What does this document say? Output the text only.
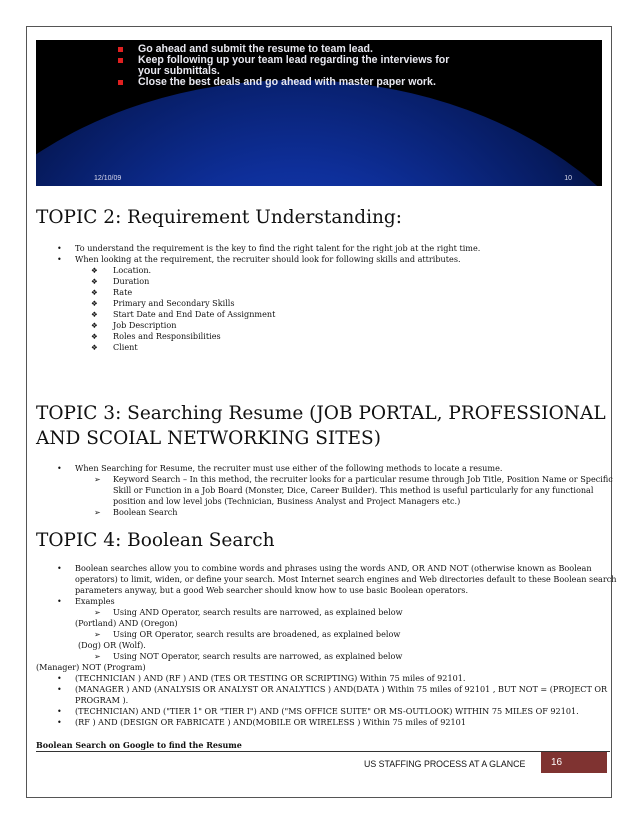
Go ahead and submit the resume to team lead.
Keep following up your team lead regarding the interviews for
your submittals.
Close the best deals and go ahead with master paper work.
12/10/09	10
TOPIC 2: Requirement Understanding:
• To understand the requirement is the key to find the right talent for the right job at the right time.
• When looking at the requirement, the recruiter should look for following skills and attributes.
❖ Location.
❖ Duration
❖ Rate
❖ Primary and Secondary Skills
❖ Start Date and End Date of Assignment
❖ Job Description
❖ Roles and Responsibilities
❖ Client
TOPIC 3: Searching Resume (JOB PORTAL, PROFESSIONAL
AND SCOIAL NETWORKING SITES)
• When Searching for Resume, the recruiter must use either of the following methods to locate a resume.
➢ Keyword Search – In this method, the recruiter looks for a particular resume through Job Title, Position Name or Specific
Skill or Function in a Job Board (Monster, Dice, Career Builder). This method is useful particularly for any functional
position and low level jobs (Technician, Business Analyst and Project Managers etc.)
➢ Boolean Search
TOPIC 4: Boolean Search
• Boolean searches allow you to combine words and phrases using the words AND, OR AND NOT (otherwise known as Boolean
operators) to limit, widen, or define your search. Most Internet search engines and Web directories default to these Boolean search
parameters anyway, but a good Web searcher should know how to use basic Boolean operators.
• Examples
➢ Using AND Operator, search results are narrowed, as explained below
(Portland) AND (Oregon)
➢ Using OR Operator, search results are broadened, as explained below
(Dog) OR (Wolf).
➢ Using NOT Operator, search results are narrowed, as explained below
(Manager) NOT (Program)
• (TECHNICIAN ) AND (RF ) AND (TES OR TESTING OR SCRIPTING) Within 75 miles of 92101.
• (MANAGER ) AND (ANALYSIS OR ANALYST OR ANALYTICS ) AND(DATA ) Within 75 miles of 92101 , BUT NOT = (PROJECT OR
PROGRAM ).
• (TECHNICIAN) AND ("TIER 1" OR "TIER I") AND ("MS OFFICE SUITE" OR MS-OUTLOOK) WITHIN 75 MILES OF 92101.
• (RF ) AND (DESIGN OR FABRICATE ) AND(MOBILE OR WIRELESS ) Within 75 miles of 92101
Boolean Search on Google to find the Resume
US STAFFING PROCESS AT A GLANCE	16
